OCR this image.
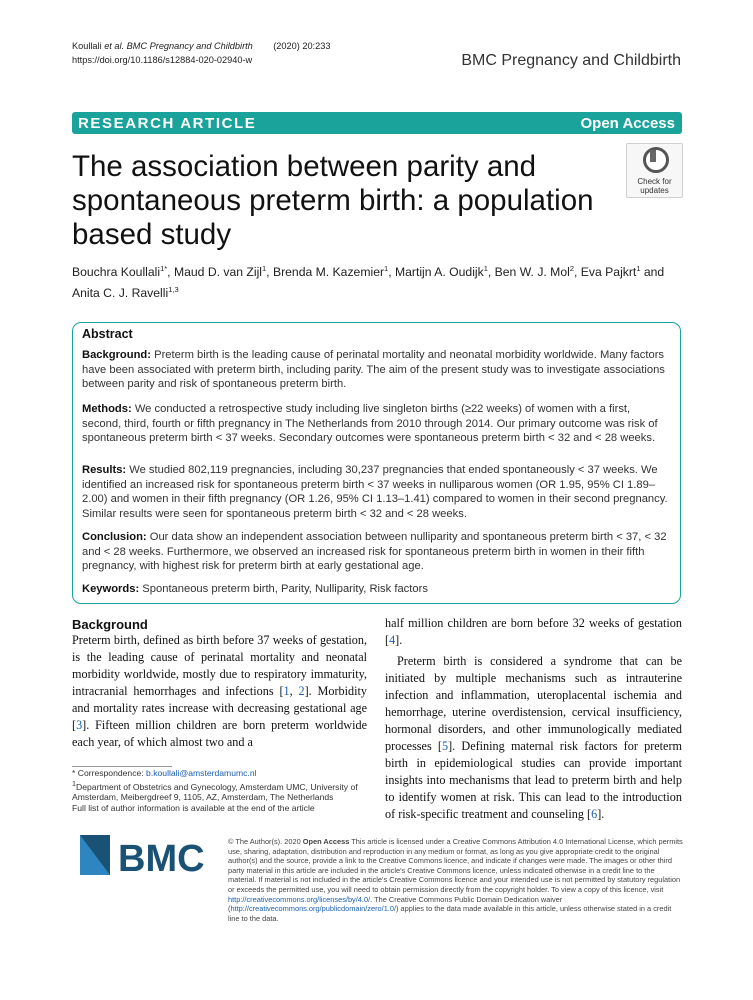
Koullali et al. BMC Pregnancy and Childbirth (2020) 20:233
https://doi.org/10.1186/s12884-020-02940-w	BMC Pregnancy and Childbirth
RESEARCH ARTICLE	Open Access
The association between parity and spontaneous preterm birth: a population based study
Check for
updates
Bouchra Koullali$^{1*}$, Maud D. van Zijl$^1$, Brenda M. Kazemier$^1$, Martijn A. Oudijk$^1$, Ben W. J. Mol$^2$, Eva Pajkrt$^1$ and
Anita C. J. Ravelli$^{1,3}$
Abstract
Background: Preterm birth is the leading cause of perinatal mortality and neonatal morbidity worldwide. Many factors have been associated with preterm birth, including parity. The aim of the present study was to investigate associations between parity and risk of spontaneous preterm birth.
Methods: We conducted a retrospective study including live singleton births (≥22 weeks) of women with a first, second, third, fourth or fifth pregnancy in The Netherlands from 2010 through 2014. Our primary outcome was risk of spontaneous preterm birth < 37 weeks. Secondary outcomes were spontaneous preterm birth < 32 and < 28 weeks.
Results: We studied 802,119 pregnancies, including 30,237 pregnancies that ended spontaneously < 37 weeks. We identified an increased risk for spontaneous preterm birth < 37 weeks in nulliparous women (OR 1.95, 95% CI 1.89–2.00) and women in their fifth pregnancy (OR 1.26, 95% CI 1.13–1.41) compared to women in their second pregnancy. Similar results were seen for spontaneous preterm birth < 32 and < 28 weeks.
Conclusion: Our data show an independent association between nulliparity and spontaneous preterm birth < 37, < 32 and < 28 weeks. Furthermore, we observed an increased risk for spontaneous preterm birth in women in their fifth pregnancy, with highest risk for preterm birth at early gestational age.
Keywords: Spontaneous preterm birth, Parity, Nulliparity, Risk factors
Background
Preterm birth, defined as birth before 37 weeks of gestation, is the leading cause of perinatal mortality and neonatal morbidity worldwide, mostly due to respiratory immaturity, intracranial hemorrhages and infections [1, 2]. Morbidity and mortality rates increase with decreasing gestational age [3]. Fifteen million children are born preterm worldwide each year, of which almost two and a
half million children are born before 32 weeks of gestation [4].
Preterm birth is considered a syndrome that can be initiated by multiple mechanisms such as intrauterine infection and inflammation, uteroplacental ischemia and hemorrhage, uterine overdistension, cervical insufficiency, hormonal disorders, and other immunologically mediated processes [5]. Defining maternal risk factors for preterm birth in epidemiological studies can provide important insights into mechanisms that lead to preterm birth and help to identify women at risk. This can lead to the introduction of risk-specific treatment and counseling [6].
* Correspondence: b.koullali@amsterdamumc.nl
$^1$Department of Obstetrics and Gynecology, Amsterdam UMC, University of Amsterdam, Meibergdreef 9, 1105, AZ, Amsterdam, The Netherlands
Full list of author information is available at the end of the article
BMC	© The Author(s). 2020 Open Access This article is licensed under a Creative Commons Attribution 4.0 International License, which permits use, sharing, adaptation, distribution and reproduction in any medium or format, as long as you give appropriate credit to the original author(s) and the source, provide a link to the Creative Commons licence, and indicate if changes were made. The images or other third party material in this article are included in the article's Creative Commons licence, unless indicated otherwise in a credit line to the material. If material is not included in the article's Creative Commons licence and your intended use is not permitted by statutory regulation or exceeds the permitted use, you will need to obtain permission directly from the copyright holder. To view a copy of this licence, visit http://creativecommons.org/licenses/by/4.0/. The Creative Commons Public Domain Dedication waiver (http://creativecommons.org/publicdomain/zero/1.0/) applies to the data made available in this article, unless otherwise stated in a credit line to the data.
